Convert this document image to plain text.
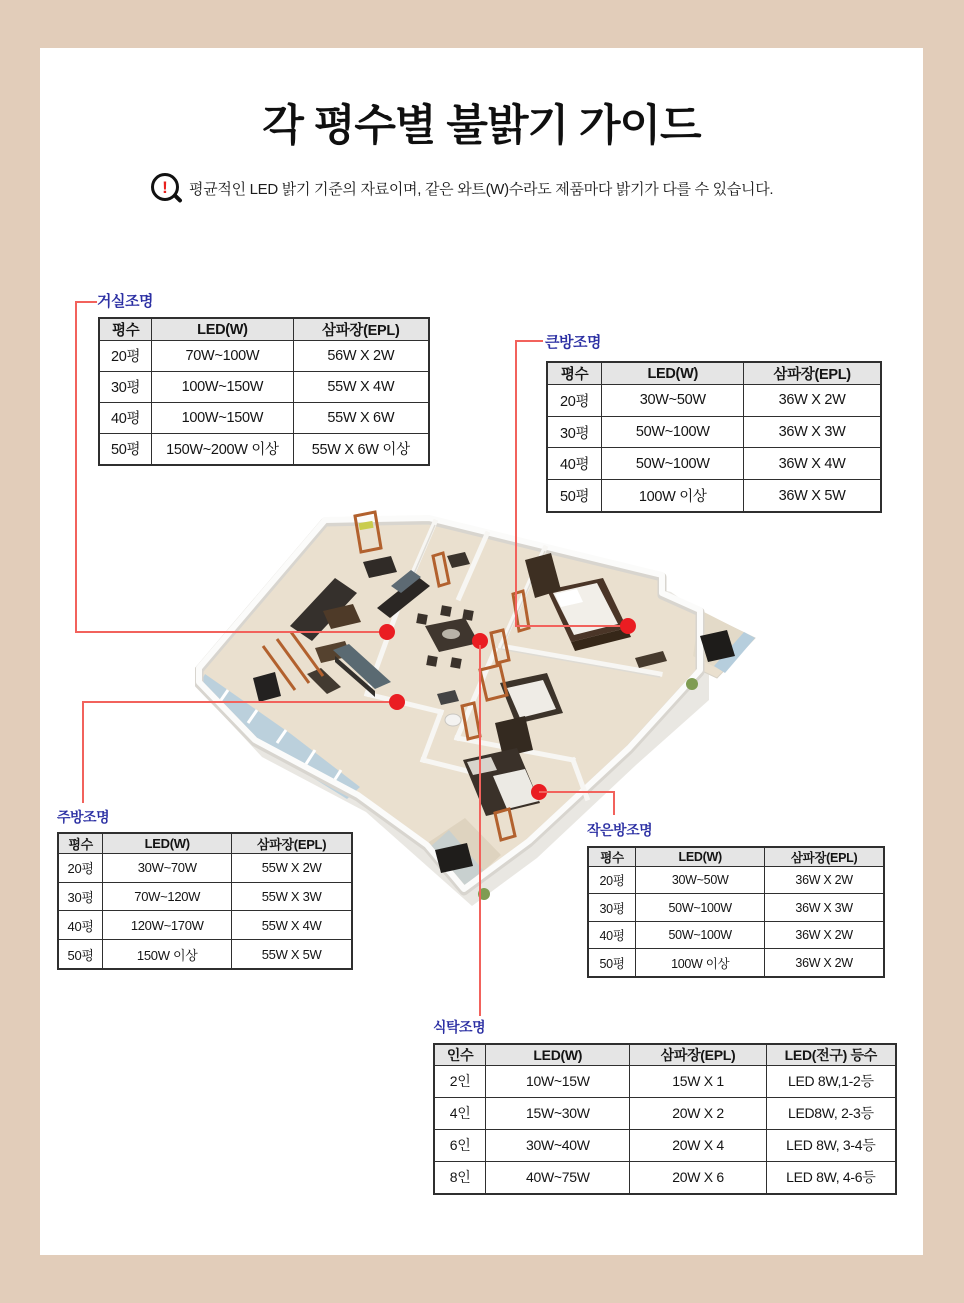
각 평수별 불밝기 가이드
! 평균적인 LED 밝기 기준의 자료이며, 같은 와트(W)수라도 제품마다 밝기가 다를 수 있습니다.
거실조명
평수	LED(W)	삼파장(EPL)
20평	70W~100W	56W X 2W
30평	100W~150W	55W X 4W
40평	100W~150W	55W X 6W
50평	150W~200W 이상	55W X 6W 이상
큰방조명
평수	LED(W)	삼파장(EPL)
20평	30W~50W	36W X 2W
30평	50W~100W	36W X 3W
40평	50W~100W	36W X 4W
50평	100W 이상	36W X 5W
주방조명
평수	LED(W)	삼파장(EPL)
20평	30W~70W	55W X 2W
30평	70W~120W	55W X 3W
40평	120W~170W	55W X 4W
50평	150W 이상	55W X 5W
작은방조명
평수	LED(W)	삼파장(EPL)
20평	30W~50W	36W X 2W
30평	50W~100W	36W X 3W
40평	50W~100W	36W X 2W
50평	100W 이상	36W X 2W
식탁조명
인수	LED(W)	삼파장(EPL)	LED(전구) 등수
2인	10W~15W	15W X 1	LED 8W,1-2등
4인	15W~30W	20W X 2	LED8W, 2-3등
6인	30W~40W	20W X 4	LED 8W, 3-4등
8인	40W~75W	20W X 6	LED 8W, 4-6등
